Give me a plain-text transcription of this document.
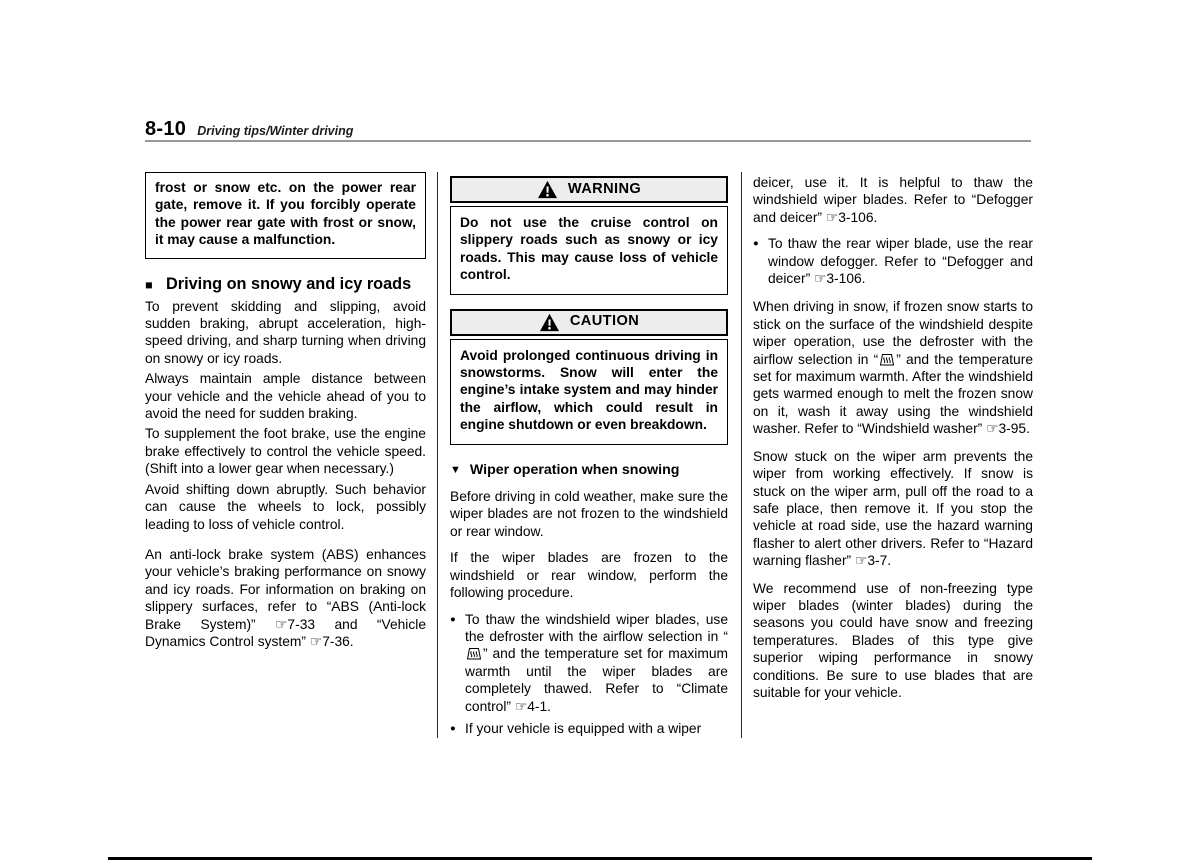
8-10 Driving tips/Winter driving

frost or snow etc. on the power rear gate, remove it. If you forcibly operate the power rear gate with frost or snow, it may cause a malfunction.

■ Driving on snowy and icy roads

To prevent skidding and slipping, avoid sudden braking, abrupt acceleration, high-speed driving, and sharp turning when driving on snowy or icy roads.

Always maintain ample distance between your vehicle and the vehicle ahead of you to avoid the need for sudden braking.

To supplement the foot brake, use the engine brake effectively to control the vehicle speed. (Shift into a lower gear when necessary.)

Avoid shifting down abruptly. Such behavior can cause the wheels to lock, possibly leading to loss of vehicle control.

An anti-lock brake system (ABS) enhances your vehicle’s braking performance on snowy and icy roads. For information on braking on slippery surfaces, refer to “ABS (Anti-lock Brake System)” ☞7-33 and “Vehicle Dynamics Control system” ☞7-36.

WARNING

Do not use the cruise control on slippery roads such as snowy or icy roads. This may cause loss of vehicle control.

CAUTION

Avoid prolonged continuous driving in snowstorms. Snow will enter the engine’s intake system and may hinder the airflow, which could result in engine shutdown or even breakdown.

▼ Wiper operation when snowing

Before driving in cold weather, make sure the wiper blades are not frozen to the windshield or rear window.

If the wiper blades are frozen to the windshield or rear window, perform the following procedure.

● To thaw the windshield wiper blades, use the defroster with the airflow selection in “” and the temperature set for maximum warmth until the wiper blades are completely thawed. Refer to “Climate control” ☞4-1.

● If your vehicle is equipped with a wiper

deicer, use it. It is helpful to thaw the windshield wiper blades. Refer to “Defogger and deicer” ☞3-106.

● To thaw the rear wiper blade, use the rear window defogger. Refer to “Defogger and deicer” ☞3-106.

When driving in snow, if frozen snow starts to stick on the surface of the windshield despite wiper operation, use the defroster with the airflow selection in “ ” and the temperature set for maximum warmth. After the windshield gets warmed enough to melt the frozen snow on it, wash it away using the windshield washer. Refer to “Windshield washer” ☞3-95.

Snow stuck on the wiper arm prevents the wiper from working effectively. If snow is stuck on the wiper arm, pull off the road to a safe place, then remove it. If you stop the vehicle at road side, use the hazard warning flasher to alert other drivers. Refer to “Hazard warning flasher” ☞3-7.

We recommend use of non-freezing type wiper blades (winter blades) during the seasons you could have snow and freezing temperatures. Blades of this type give superior wiping performance in snowy conditions. Be sure to use blades that are suitable for your vehicle.
